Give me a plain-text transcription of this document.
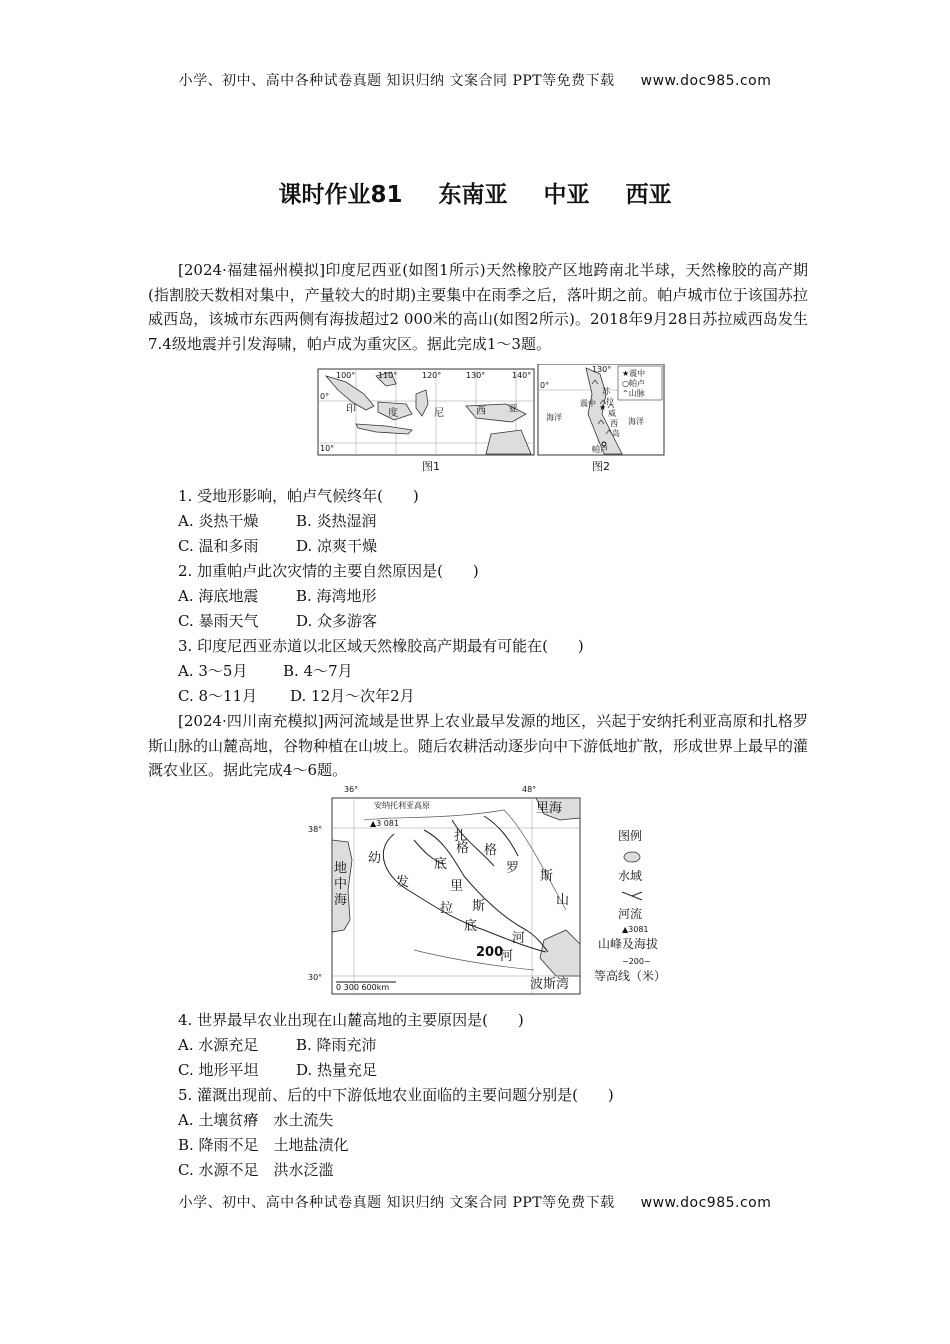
小学、初中、高中各种试卷真题 知识归纳 文案合同 PPT等免费下载 www.doc985.com
课时作业81 东南亚 中亚 西亚
[2024·福建福州模拟]印度尼西亚(如图1所示)天然橡胶产区地跨南北半球，天然橡胶的高产期(指割胶天数相对集中，产量较大的时期)主要集中在雨季之后，落叶期之前。帕卢城市位于该国苏拉威西岛，该城市东西两侧有海拔超过2 000米的高山(如图2所示)。2018年9月28日苏拉威西岛发生7.4级地震并引发海啸，帕卢成为重灾区。据此完成1～3题。
100°	110°	120°	130°	140°
0°
10°
印	度	尼	西 亚	★
130°
0°
海洋	海洋
震中
苏
拉
威
西
岛
帕卢
★震中
○帕卢
⌃山脉
图1	图2
1. 受地形影响，帕卢气候终年(　　)
A. 炎热干燥	B. 炎热湿润
C. 温和多雨	D. 凉爽干燥
2. 加重帕卢此次灾情的主要自然原因是(　　)
A. 海底地震	B. 海湾地形
C. 暴雨天气	D. 众多游客
3. 印度尼西亚赤道以北区域天然橡胶高产期最有可能在(　　)
A. 3～5月 B. 4～7月
C. 8～11月 D. 12月～次年2月
[2024·四川南充模拟]两河流域是世界上农业最早发源的地区，兴起于安纳托利亚高原和扎格罗斯山脉的山麓高地，谷物种植在山坡上。随后农耕活动逐步向中下游低地扩散，形成世界上最早的灌溉农业区。据此完成4～6题。
36°	48°
38°
30°
安纳托利亚高原
▲3 081
0 300 600km
地
中
海
里海
波斯湾
幼
发
拉
底
河
底
格
里
斯
河
扎
格
罗
斯
山
200
图例
水域
河流
▲3081
山峰及海拔
~200~
等高线（米）
4. 世界最早农业出现在山麓高地的主要原因是(　　)
A. 水源充足	B. 降雨充沛
C. 地形平坦	D. 热量充足
5. 灌溉出现前、后的中下游低地农业面临的主要问题分别是(　　)
A. 土壤贫瘠　水土流失
B. 降雨不足　土地盐渍化
C. 水源不足　洪水泛滥
小学、初中、高中各种试卷真题 知识归纳 文案合同 PPT等免费下载 www.doc985.com
